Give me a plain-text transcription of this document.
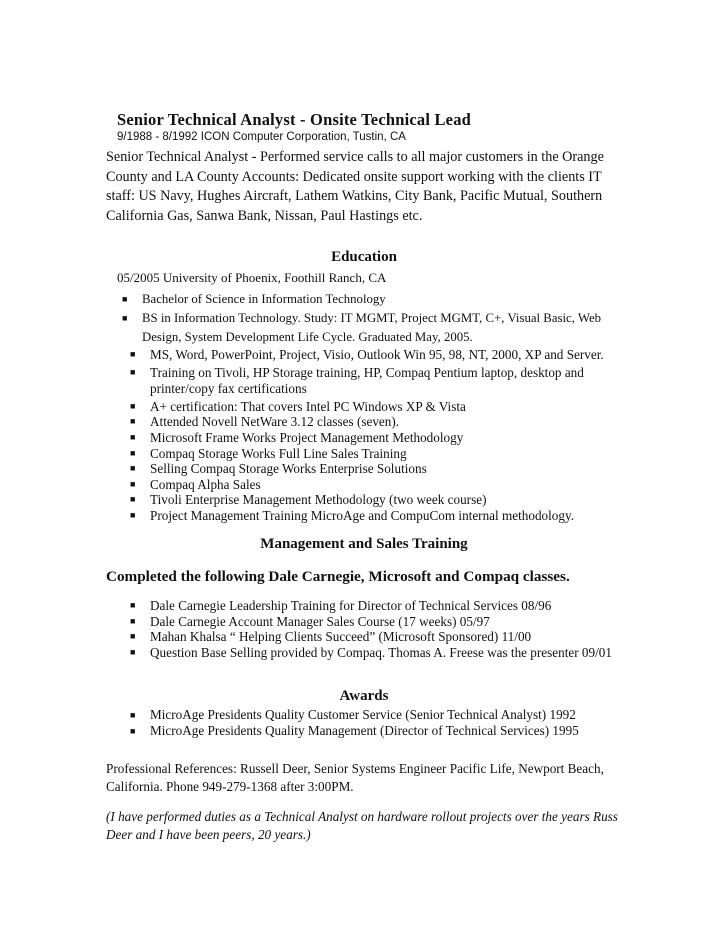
Senior Technical Analyst - Onsite Technical Lead
9/1988 - 8/1992 ICON Computer Corporation, Tustin, CA
Senior Technical Analyst - Performed service calls to all major customers in the Orange County and LA County Accounts: Dedicated onsite support working with the clients IT staff: US Navy, Hughes Aircraft, Lathem Watkins, City Bank, Pacific Mutual, Southern California Gas, Sanwa Bank, Nissan, Paul Hastings etc.
Education
05/2005 University of Phoenix, Foothill Ranch, CA
■ Bachelor of Science in Information Technology
■ BS in Information Technology. Study: IT MGMT, Project MGMT, C+, Visual Basic, Web Design, System Development Life Cycle. Graduated May, 2005.
■ MS, Word, PowerPoint, Project, Visio, Outlook Win 95, 98, NT, 2000, XP and Server.
■ Training on Tivoli, HP Storage training, HP, Compaq Pentium laptop, desktop and printer/copy fax certifications
■ A+ certification: That covers Intel PC Windows XP & Vista
■ Attended Novell NetWare 3.12 classes (seven).
■ Microsoft Frame Works Project Management Methodology
■ Compaq Storage Works Full Line Sales Training
■ Selling Compaq Storage Works Enterprise Solutions
■ Compaq Alpha Sales
■ Tivoli Enterprise Management Methodology (two week course)
■ Project Management Training MicroAge and CompuCom internal methodology.
Management and Sales Training
Completed the following Dale Carnegie, Microsoft and Compaq classes.
■ Dale Carnegie Leadership Training for Director of Technical Services 08/96
■ Dale Carnegie Account Manager Sales Course (17 weeks) 05/97
■ Mahan Khalsa “ Helping Clients Succeed” (Microsoft Sponsored) 11/00
■ Question Base Selling provided by Compaq. Thomas A. Freese was the presenter 09/01
Awards
■ MicroAge Presidents Quality Customer Service (Senior Technical Analyst) 1992
■ MicroAge Presidents Quality Management (Director of Technical Services) 1995
Professional References: Russell Deer, Senior Systems Engineer Pacific Life, Newport Beach, California. Phone 949-279-1368 after 3:00PM.
(I have performed duties as a Technical Analyst on hardware rollout projects over the years Russ Deer and I have been peers, 20 years.)
